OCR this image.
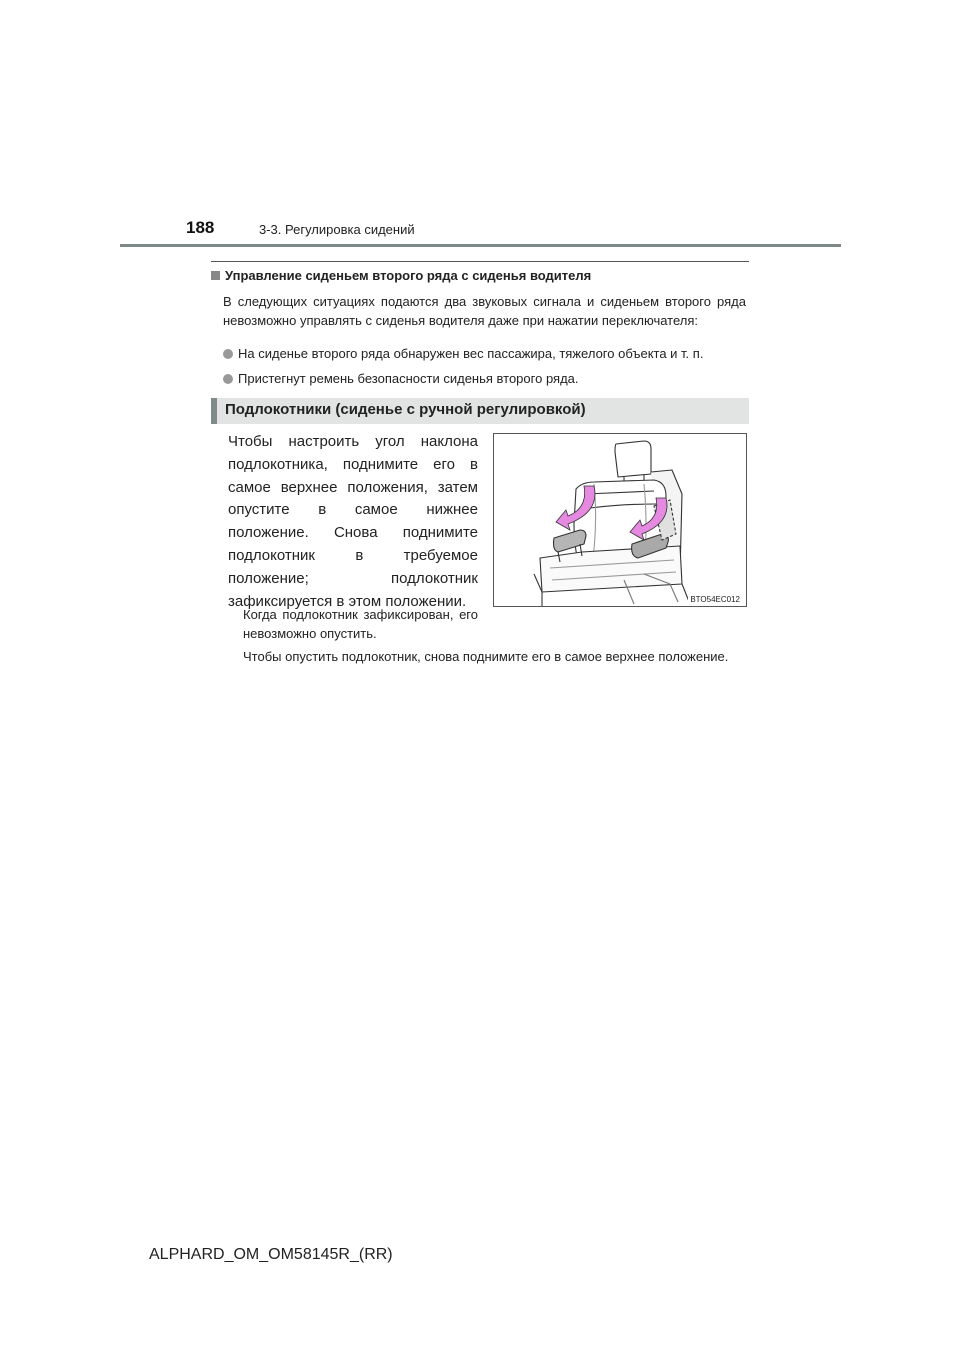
188	3-3. Регулировка сидений
Управление сиденьем второго ряда с сиденья водителя
В следующих ситуациях подаются два звуковых сигнала и сиденьем второго ряда невозможно управлять с сиденья водителя даже при нажатии переключателя:
На сиденье второго ряда обнаружен вес пассажира, тяжелого объекта и т. п.
Пристегнут ремень безопасности сиденья второго ряда.
Подлокотники (сиденье с ручной регулировкой)
Чтобы настроить угол наклона подлокотника, поднимите его в самое верхнее положения, затем опустите в самое нижнее положение. Снова поднимите подлокотник в требуемое положение; подлокотник зафиксируется в этом положении.	BTO54EC012
Когда подлокотник зафиксирован, его невозможно опустить.
Чтобы опустить подлокотник, снова поднимите его в самое верхнее положение.
ALPHARD_OM_OM58145R_(RR)
